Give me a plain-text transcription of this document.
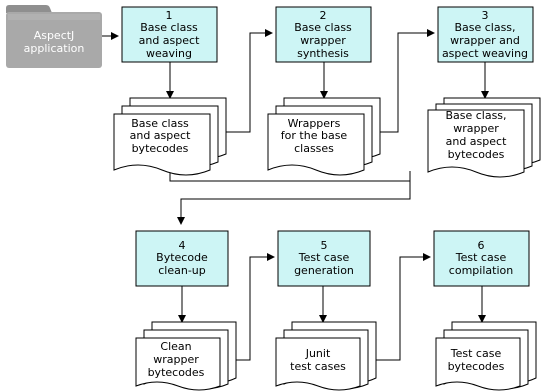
AspectJ
application
1
Base class
and aspect
weaving
2
Base class
wrapper
synthesis
3
Base class,
wrapper and
aspect weaving
4
Bytecode
clean-up
5
Test case
generation
6
Test case
compilation
Base class
and aspect
bytecodes
Wrappers
for the base
classes
Base class,
wrapper
and aspect
bytecodes
Clean
wrapper
bytecodes
Junit
test cases
Test case
bytecodes
